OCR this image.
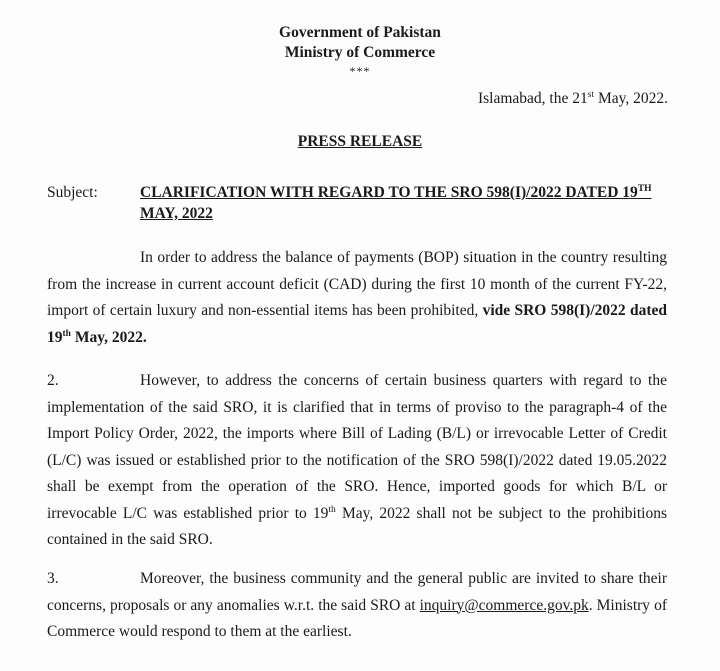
Government of Pakistan
Ministry of Commerce
***
Islamabad, the 21st May, 2022.
PRESS RELEASE
Subject:	CLARIFICATION WITH REGARD TO THE SRO 598(I)/2022 DATED 19TH
MAY, 2022
In order to address the balance of payments (BOP) situation in the country resulting from the increase in current account deficit (CAD) during the first 10 month of the current FY-22, import of certain luxury and non-essential items has been prohibited, vide SRO 598(I)/2022 dated 19th May, 2022.
2.	However, to address the concerns of certain business quarters with regard to the implementation of the said SRO, it is clarified that in terms of proviso to the paragraph-4 of the Import Policy Order, 2022, the imports where Bill of Lading (B/L) or irrevocable Letter of Credit (L/C) was issued or established prior to the notification of the SRO 598(I)/2022 dated 19.05.2022 shall be exempt from the operation of the SRO. Hence, imported goods for which B/L or irrevocable L/C was established prior to 19th May, 2022 shall not be subject to the prohibitions contained in the said SRO.
3.	Moreover, the business community and the general public are invited to share their concerns, proposals or any anomalies w.r.t. the said SRO at inquiry@commerce.gov.pk. Ministry of Commerce would respond to them at the earliest.
